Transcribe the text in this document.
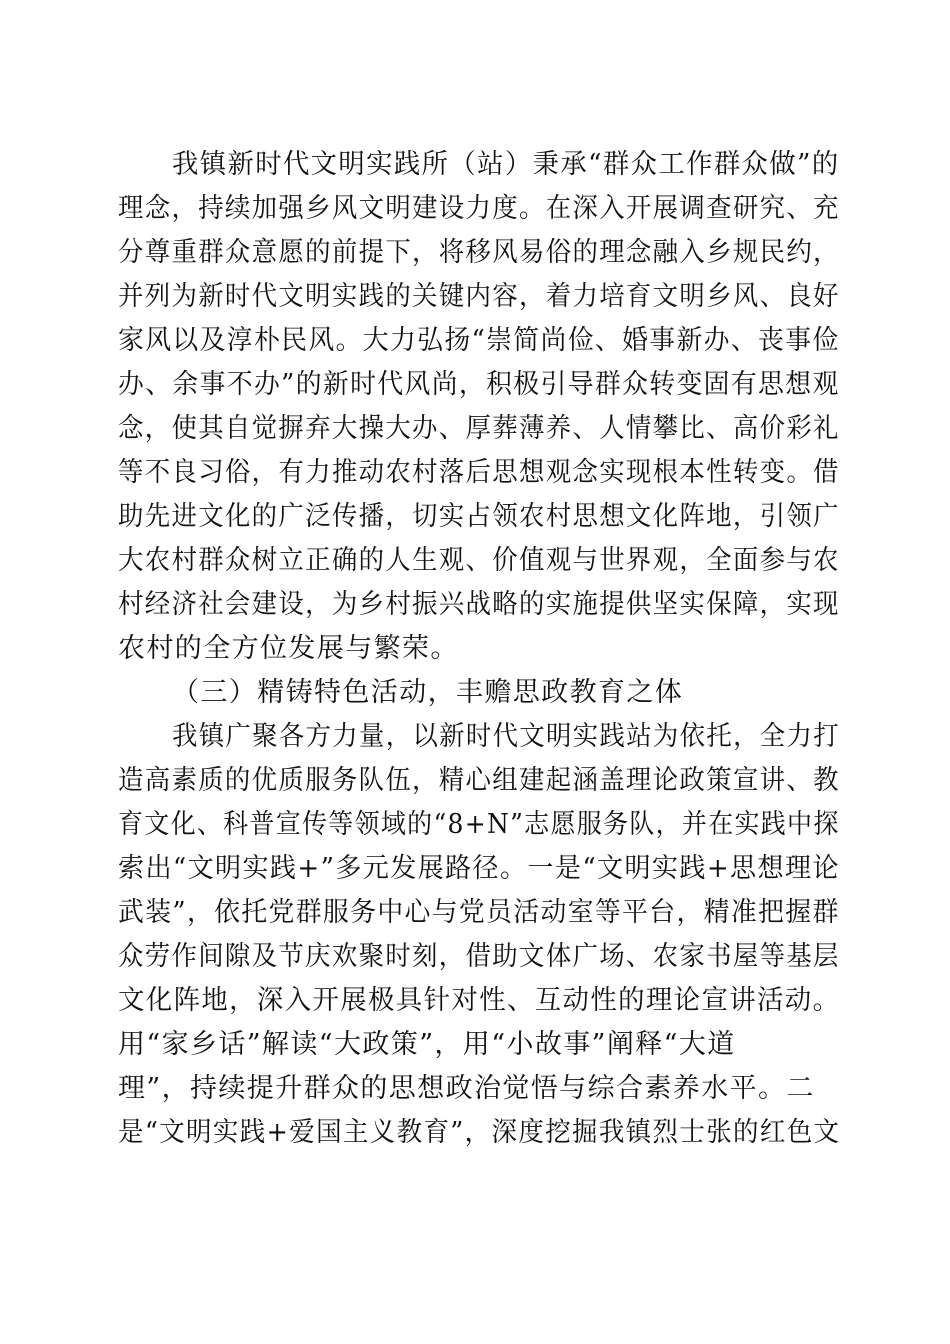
我镇新时代文明实践所（站）秉承“群众工作群众做”的
理念，持续加强乡风文明建设力度。在深入开展调查研究、充
分尊重群众意愿的前提下，将移风易俗的理念融入乡规民约，
并列为新时代文明实践的关键内容，着力培育文明乡风、良好
家风以及淳朴民风。大力弘扬“崇简尚俭、婚事新办、丧事俭
办、余事不办”的新时代风尚，积极引导群众转变固有思想观
念，使其自觉摒弃大操大办、厚葬薄养、人情攀比、高价彩礼
等不良习俗，有力推动农村落后思想观念实现根本性转变。借
助先进文化的广泛传播，切实占领农村思想文化阵地，引领广
大农村群众树立正确的人生观、价值观与世界观，全面参与农
村经济社会建设，为乡村振兴战略的实施提供坚实保障，实现
农村的全方位发展与繁荣。
（三）精铸特色活动，丰赡思政教育之体
我镇广聚各方力量，以新时代文明实践站为依托，全力打
造高素质的优质服务队伍，精心组建起涵盖理论政策宣讲、教
育文化、科普宣传等领域的“8+N”志愿服务队，并在实践中探
索出“文明实践+”多元发展路径。一是“文明实践+思想理论
武装”，依托党群服务中心与党员活动室等平台，精准把握群
众劳作间隙及节庆欢聚时刻，借助文体广场、农家书屋等基层
文化阵地，深入开展极具针对性、互动性的理论宣讲活动。
用“家乡话”解读“大政策”，用“小故事”阐释“大道
理”，持续提升群众的思想政治觉悟与综合素养水平。二
是“文明实践+爱国主义教育”，深度挖掘我镇烈士张的红色文
